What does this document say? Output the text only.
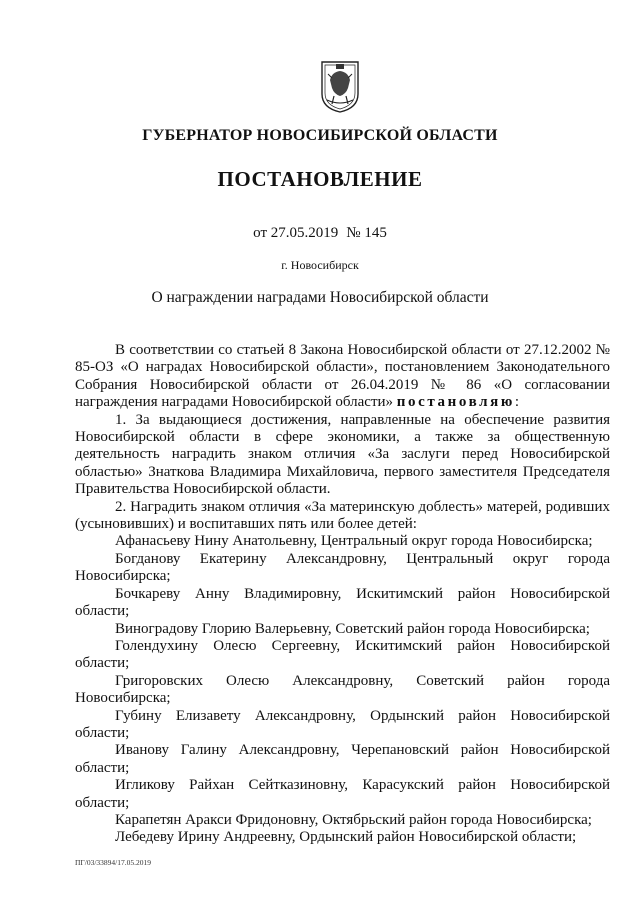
ГУБЕРНАТОР НОВОСИБИРСКОЙ ОБЛАСТИ
ПОСТАНОВЛЕНИЕ
от 27.05.2019 № 145
г. Новосибирск
О награждении наградами Новосибирской области

В соответствии со статьей 8 Закона Новосибирской области от 27.12.2002 № 85-ОЗ «О наградах Новосибирской области», постановлением Законодательного Собрания Новосибирской области от 26.04.2019 № 86 «О согласовании награждения наградами Новосибирской области» постановляю:

1. За выдающиеся достижения, направленные на обеспечение развития Новосибирской области в сфере экономики, а также за общественную деятельность наградить знаком отличия «За заслуги перед Новосибирской областью» Знаткова Владимира Михайловича, первого заместителя Председателя Правительства Новосибирской области.

2. Наградить знаком отличия «За материнскую доблесть» матерей, родивших (усыновивших) и воспитавших пять или более детей:

Афанасьеву Нину Анатольевну, Центральный округ города Новосибирска;

Богданову Екатерину Александровну, Центральный округ города Новосибирска;

Бочкареву Анну Владимировну, Искитимский район Новосибирской области;

Виноградову Глорию Валерьевну, Советский район города Новосибирска;

Голендухину Олесю Сергеевну, Искитимский район Новосибирской области;

Григоровских Олесю Александровну, Советский район города Новосибирска;

Губину Елизавету Александровну, Ордынский район Новосибирской области;

Иванову Галину Александровну, Черепановский район Новосибирской области;

Игликову Райхан Сейтказиновну, Карасукский район Новосибирской области;

Карапетян Аракси Фридоновну, Октябрьский район города Новосибирска;

Лебедеву Ирину Андреевну, Ордынский район Новосибирской области;

ПГ/03/33894/17.05.2019
